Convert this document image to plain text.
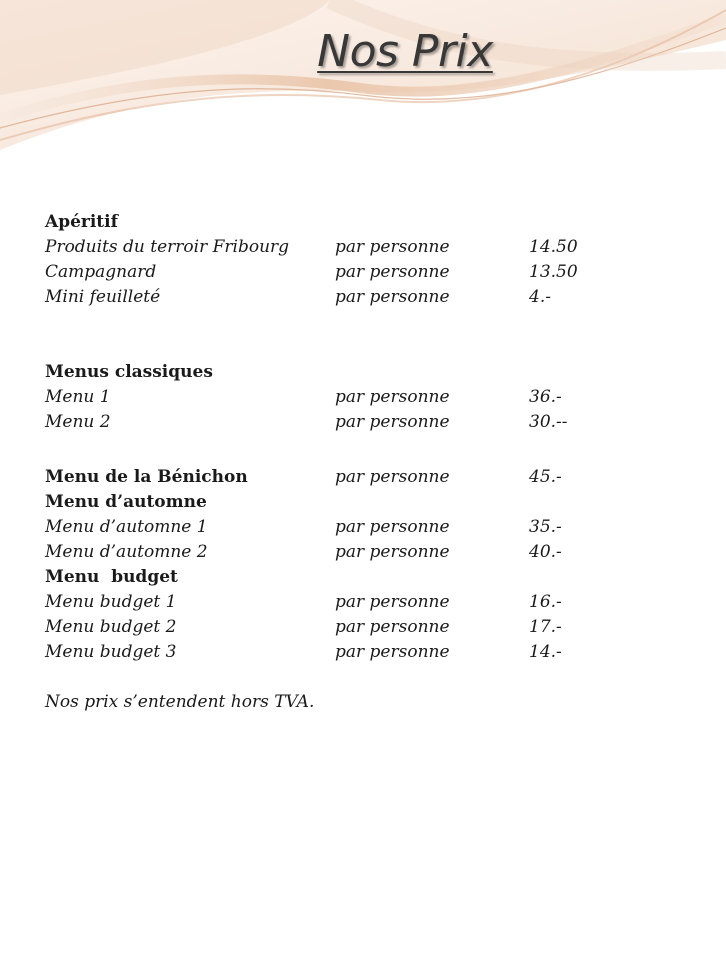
Nos Prix
Apéritif
Produits du terroir Fribourg	par personne	14.50
Campagnard	par personne	13.50
Mini feuilleté	par personne	4.-
Menus classiques
Menu 1	par personne	36.-
Menu 2	par personne	30.--
Menu de la Bénichon	par personne	45.-
Menu d’automne
Menu d’automne 1	par personne	35.-
Menu d’automne 2	par personne	40.-
Menu  budget
Menu budget 1	par personne	16.-
Menu budget 2	par personne	17.-
Menu budget 3	par personne	14.-
Nos prix s’entendent hors TVA.
